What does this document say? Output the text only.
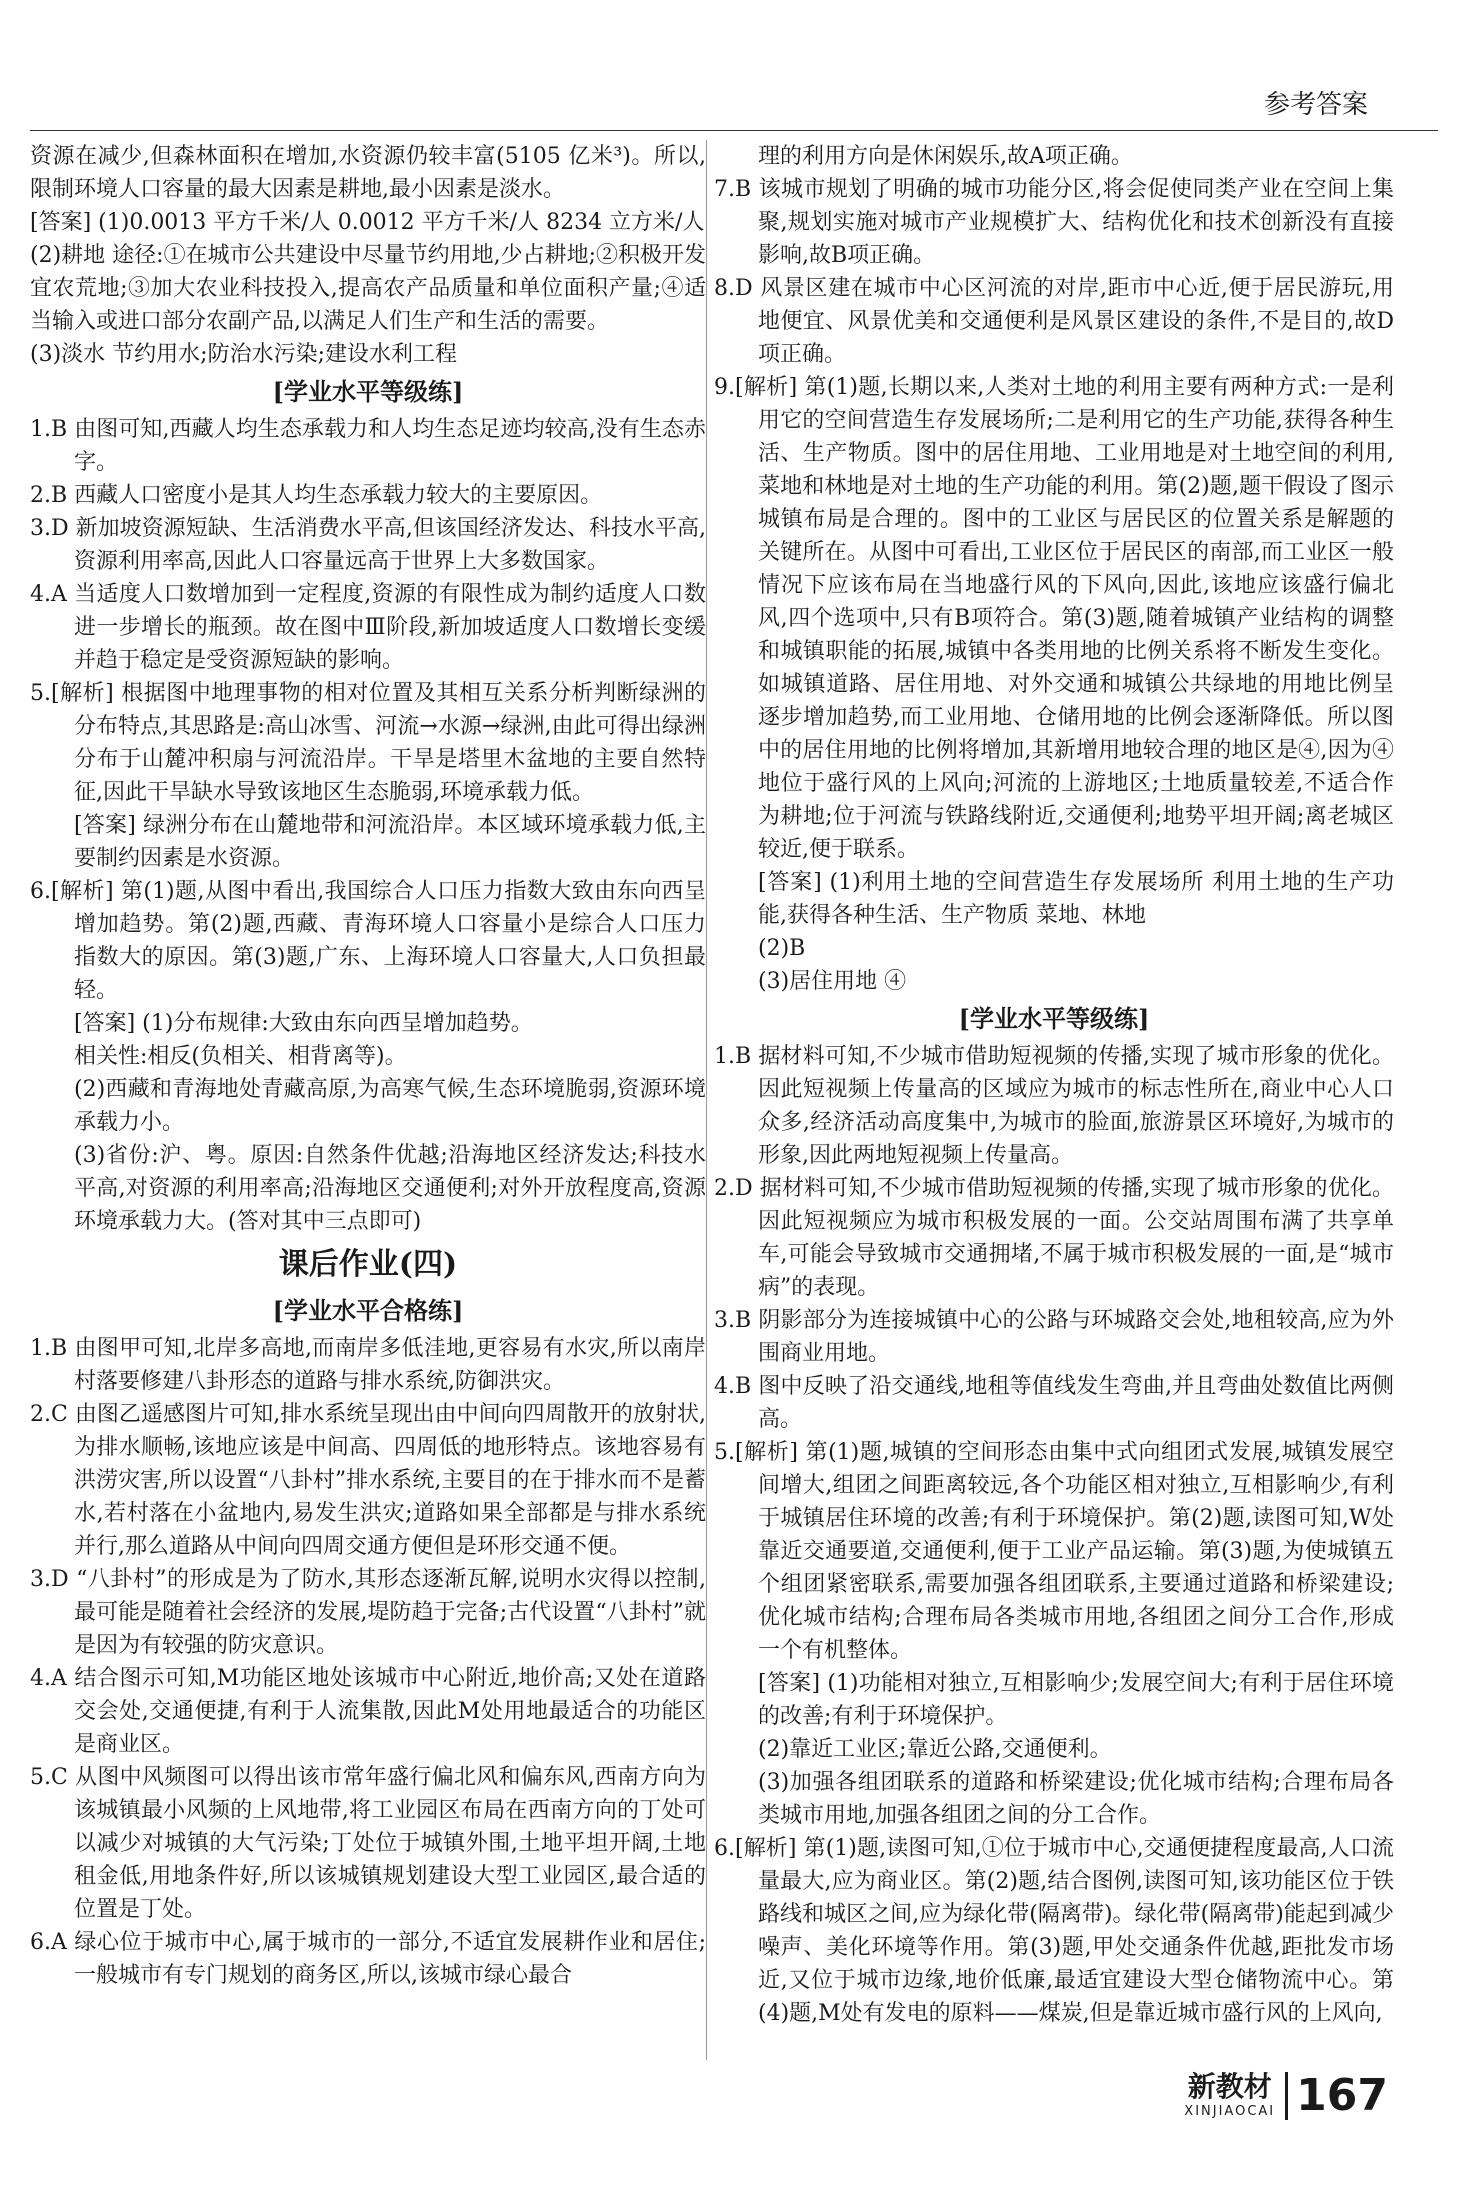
参考答案

资源在减少,但森林面积在增加,水资源仍较丰富(5105 亿米³)。所以,限制环境人口容量的最大因素是耕地,最小因素是淡水。

[答案] (1)0.0013 平方千米/人 0.0012 平方千米/人 8234 立方米/人

(2)耕地 途径:①在城市公共建设中尽量节约用地,少占耕地;②积极开发宜农荒地;③加大农业科技投入,提高农产品质量和单位面积产量;④适当输入或进口部分农副产品,以满足人们生产和生活的需要。

(3)淡水 节约用水;防治水污染;建设水利工程

[学业水平等级练]

1.B 由图可知,西藏人均生态承载力和人均生态足迹均较高,没有生态赤字。

2.B 西藏人口密度小是其人均生态承载力较大的主要原因。

3.D 新加坡资源短缺、生活消费水平高,但该国经济发达、科技水平高,资源利用率高,因此人口容量远高于世界上大多数国家。

4.A 当适度人口数增加到一定程度,资源的有限性成为制约适度人口数进一步增长的瓶颈。故在图中Ⅲ阶段,新加坡适度人口数增长变缓并趋于稳定是受资源短缺的影响。

5.[解析] 根据图中地理事物的相对位置及其相互关系分析判断绿洲的分布特点,其思路是:高山冰雪、河流→水源→绿洲,由此可得出绿洲分布于山麓冲积扇与河流沿岸。干旱是塔里木盆地的主要自然特征,因此干旱缺水导致该地区生态脆弱,环境承载力低。

[答案] 绿洲分布在山麓地带和河流沿岸。本区域环境承载力低,主要制约因素是水资源。

6.[解析] 第(1)题,从图中看出,我国综合人口压力指数大致由东向西呈增加趋势。第(2)题,西藏、青海环境人口容量小是综合人口压力指数大的原因。第(3)题,广东、上海环境人口容量大,人口负担最轻。

[答案] (1)分布规律:大致由东向西呈增加趋势。

相关性:相反(负相关、相背离等)。

(2)西藏和青海地处青藏高原,为高寒气候,生态环境脆弱,资源环境承载力小。

(3)省份:沪、粤。原因:自然条件优越;沿海地区经济发达;科技水平高,对资源的利用率高;沿海地区交通便利;对外开放程度高,资源环境承载力大。(答对其中三点即可)

课后作业(四)
[学业水平合格练]

1.B 由图甲可知,北岸多高地,而南岸多低洼地,更容易有水灾,所以南岸村落要修建八卦形态的道路与排水系统,防御洪灾。

2.C 由图乙遥感图片可知,排水系统呈现出由中间向四周散开的放射状,为排水顺畅,该地应该是中间高、四周低的地形特点。该地容易有洪涝灾害,所以设置“八卦村”排水系统,主要目的在于排水而不是蓄水,若村落在小盆地内,易发生洪灾;道路如果全部都是与排水系统并行,那么道路从中间向四周交通方便但是环形交通不便。

3.D “八卦村”的形成是为了防水,其形态逐渐瓦解,说明水灾得以控制,最可能是随着社会经济的发展,堤防趋于完备;古代设置“八卦村”就是因为有较强的防灾意识。

4.A 结合图示可知,M功能区地处该城市中心附近,地价高;又处在道路交会处,交通便捷,有利于人流集散,因此M处用地最适合的功能区是商业区。

5.C 从图中风频图可以得出该市常年盛行偏北风和偏东风,西南方向为该城镇最小风频的上风地带,将工业园区布局在西南方向的丁处可以减少对城镇的大气污染;丁处位于城镇外围,土地平坦开阔,土地租金低,用地条件好,所以该城镇规划建设大型工业园区,最合适的位置是丁处。

6.A 绿心位于城市中心,属于城市的一部分,不适宜发展耕作业和居住;一般城市有专门规划的商务区,所以,该城市绿心最合

理的利用方向是休闲娱乐,故A项正确。

7.B 该城市规划了明确的城市功能分区,将会促使同类产业在空间上集聚,规划实施对城市产业规模扩大、结构优化和技术创新没有直接影响,故B项正确。

8.D 风景区建在城市中心区河流的对岸,距市中心近,便于居民游玩,用地便宜、风景优美和交通便利是风景区建设的条件,不是目的,故D项正确。

9.[解析] 第(1)题,长期以来,人类对土地的利用主要有两种方式:一是利用它的空间营造生存发展场所;二是利用它的生产功能,获得各种生活、生产物质。图中的居住用地、工业用地是对土地空间的利用,菜地和林地是对土地的生产功能的利用。第(2)题,题干假设了图示城镇布局是合理的。图中的工业区与居民区的位置关系是解题的关键所在。从图中可看出,工业区位于居民区的南部,而工业区一般情况下应该布局在当地盛行风的下风向,因此,该地应该盛行偏北风,四个选项中,只有B项符合。第(3)题,随着城镇产业结构的调整和城镇职能的拓展,城镇中各类用地的比例关系将不断发生变化。如城镇道路、居住用地、对外交通和城镇公共绿地的用地比例呈逐步增加趋势,而工业用地、仓储用地的比例会逐渐降低。所以图中的居住用地的比例将增加,其新增用地较合理的地区是④,因为④地位于盛行风的上风向;河流的上游地区;土地质量较差,不适合作为耕地;位于河流与铁路线附近,交通便利;地势平坦开阔;离老城区较近,便于联系。

[答案] (1)利用土地的空间营造生存发展场所 利用土地的生产功能,获得各种生活、生产物质 菜地、林地

(2)B

(3)居住用地 ④

[学业水平等级练]

1.B 据材料可知,不少城市借助短视频的传播,实现了城市形象的优化。因此短视频上传量高的区域应为城市的标志性所在,商业中心人口众多,经济活动高度集中,为城市的脸面,旅游景区环境好,为城市的形象,因此两地短视频上传量高。

2.D 据材料可知,不少城市借助短视频的传播,实现了城市形象的优化。因此短视频应为城市积极发展的一面。公交站周围布满了共享单车,可能会导致城市交通拥堵,不属于城市积极发展的一面,是“城市病”的表现。

3.B 阴影部分为连接城镇中心的公路与环城路交会处,地租较高,应为外围商业用地。

4.B 图中反映了沿交通线,地租等值线发生弯曲,并且弯曲处数值比两侧高。

5.[解析] 第(1)题,城镇的空间形态由集中式向组团式发展,城镇发展空间增大,组团之间距离较远,各个功能区相对独立,互相影响少,有利于城镇居住环境的改善;有利于环境保护。第(2)题,读图可知,W处靠近交通要道,交通便利,便于工业产品运输。第(3)题,为使城镇五个组团紧密联系,需要加强各组团联系,主要通过道路和桥梁建设;优化城市结构;合理布局各类城市用地,各组团之间分工合作,形成一个有机整体。

[答案] (1)功能相对独立,互相影响少;发展空间大;有利于居住环境的改善;有利于环境保护。

(2)靠近工业区;靠近公路,交通便利。

(3)加强各组团联系的道路和桥梁建设;优化城市结构;合理布局各类城市用地,加强各组团之间的分工合作。

6.[解析] 第(1)题,读图可知,①位于城市中心,交通便捷程度最高,人口流量最大,应为商业区。第(2)题,结合图例,读图可知,该功能区位于铁路线和城区之间,应为绿化带(隔离带)。绿化带(隔离带)能起到减少噪声、美化环境等作用。第(3)题,甲处交通条件优越,距批发市场近,又位于城市边缘,地价低廉,最适宜建设大型仓储物流中心。第(4)题,M处有发电的原料——煤炭,但是靠近城市盛行风的上风向,

新教材
XINJIAOCAI 167
